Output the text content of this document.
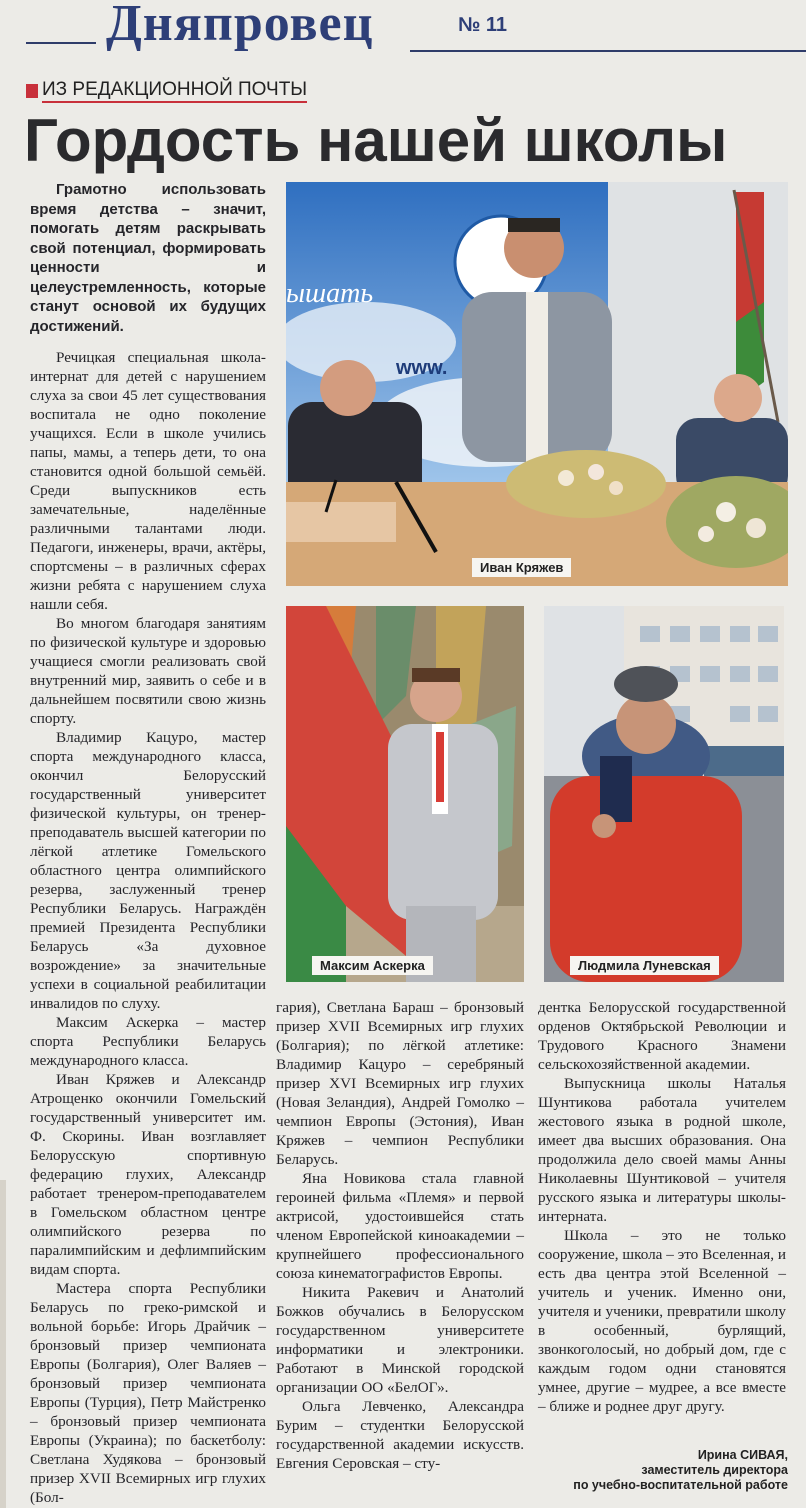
Дняпровец	№ 11
ИЗ РЕДАКЦИОННОЙ ПОЧТЫ
Гордость нашей школы

Грамотно использовать время детства – значит, помогать детям раскрывать свой потенциал, формировать ценности и целеустремленность, которые станут основой их будущих достижений.

Речицкая специальная школа-интернат для детей с нарушением слуха за свои 45 лет существования воспитала не одно поколение учащихся. Если в школе учились папы, мамы, а теперь дети, то она становится одной большой семьёй. Среди выпускников есть замечательные, наделённые различными талантами люди. Педагоги, инженеры, врачи, актёры, спортсмены – в различных сферах жизни ребята с нарушением слуха нашли себя.

Во многом благодаря занятиям по физической культуре и здоровью учащиеся смогли реализовать свой внутренний мир, заявить о себе и в дальнейшем посвятили свою жизнь спорту.

Владимир Кацуро, мастер спорта международного класса, окончил Белорусский государственный университет физической культуры, он тренер-преподаватель высшей категории по лёгкой атлетике Гомельского областного центра олимпийского резерва, заслуженный тренер Республики Беларусь. Награждён премией Президента Республики Беларусь «За духовное возрождение» за значительные успехи в социальной реабилитации инвалидов по слуху.

Максим Аскерка – мастер спорта Республики Беларусь международного класса.

Иван Кряжев и Александр Атрощенко окончили Гомельский государственный университет им. Ф. Скорины. Иван возглавляет Белорусскую спортивную федерацию глухих, Александр работает тренером-преподавателем в Гомельском областном центре олимпийского резерва по паралимпийским и дефлимпийским видам спорта.

Мастера спорта Республики Беларусь по греко-римской и вольной борьбе: Игорь Драйчик – бронзовый призер чемпионата Европы (Болгария), Олег Валяев – бронзовый призер чемпионата Европы (Турция), Петр Майстренко – бронзовый призер чемпионата Европы (Украина); по баскетболу: Светлана Худякова – бронзовый призер XVII Всемирных игр глухих (Бол-

ышать
www.
Иван Кряжев
Максим Аскерка	Людмила Луневская

гария), Светлана Бараш – бронзовый призер XVII Всемирных игр глухих (Болгария); по лёгкой атлетике: Владимир Кацуро – серебряный призер XVI Всемирных игр глухих (Новая Зеландия), Андрей Гомолко – чемпион Европы (Эстония), Иван Кряжев – чемпион Республики Беларусь.

Яна Новикова стала главной героиней фильма «Племя» и первой актрисой, удостоившейся стать членом Европейской киноакадемии – крупнейшего профессионального союза кинематографистов Европы.

Никита Ракевич и Анатолий Божков обучались в Белорусском государственном университете информатики и электроники. Работают в Минской городской организации ОО «БелОГ».

Ольга Левченко, Александра Бурим – студентки Белорусской государственной академии искусств. Евгения Серовская – сту-

дентка Белорусской государственной орденов Октябрьской Революции и Трудового Красного Знамени сельскохозяйственной академии.

Выпускница школы Наталья Шунтикова работала учителем жестового языка в родной школе, имеет два высших образования. Она продолжила дело своей мамы Анны Николаевны Шунтиковой – учителя русского языка и литературы школы-интерната.

Школа – это не только сооружение, школа – это Вселенная, и есть два центра этой Вселенной – учитель и ученик. Именно они, учителя и ученики, превратили школу в особенный, бурлящий, звонкоголосый, но добрый дом, где с каждым годом одни становятся умнее, другие – мудрее, а все вместе – ближе и роднее друг другу.

Ирина СИВАЯ,
заместитель директора
по учебно-воспитательной работе
